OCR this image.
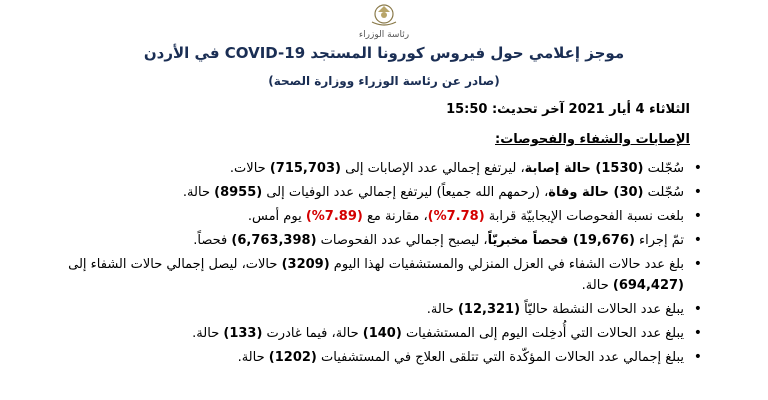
رئاسة الوزراء
موجز إعلامي حول فيروس كورونا المستجد COVID-19 في الأردن
(صادر عن رئاسة الوزراء ووزارة الصحة)
الثلاثاء 4 أيار 2021 آخر تحديث: 15:50
الإصابات والشفاء والفحوصات:
• سُجّلت (1530) حالة إصابة، ليرتفع إجمالي عدد الإصابات إلى (715,703) حالات.
• سُجّلت (30) حالة وفاة، (رحمهم الله جميعاً) ليرتفع إجمالي عدد الوفيات إلى (8955) حالة.
• بلغت نسبة الفحوصات الإيجابيّة قرابة (7.78%)، مقارنة مع (7.89%) يوم أمس.
• تمّ إجراء (19,676) فحصاً مخبريّاً، ليصبح إجمالي عدد الفحوصات (6,763,398) فحصاً.
• بلغ عدد حالات الشفاء في العزل المنزلي والمستشفيات لهذا اليوم (3209) حالات، ليصل إجمالي حالات الشفاء إلى (694,427) حالة.
• يبلغ عدد الحالات النشطة حاليّاً (12,321) حالة.
• يبلغ عدد الحالات التي أُدخِلت اليوم إلى المستشفيات (140) حالة، فيما غادرت (133) حالة.
• يبلغ إجمالي عدد الحالات المؤكّدة التي تتلقى العلاج في المستشفيات (1202) حالة.
